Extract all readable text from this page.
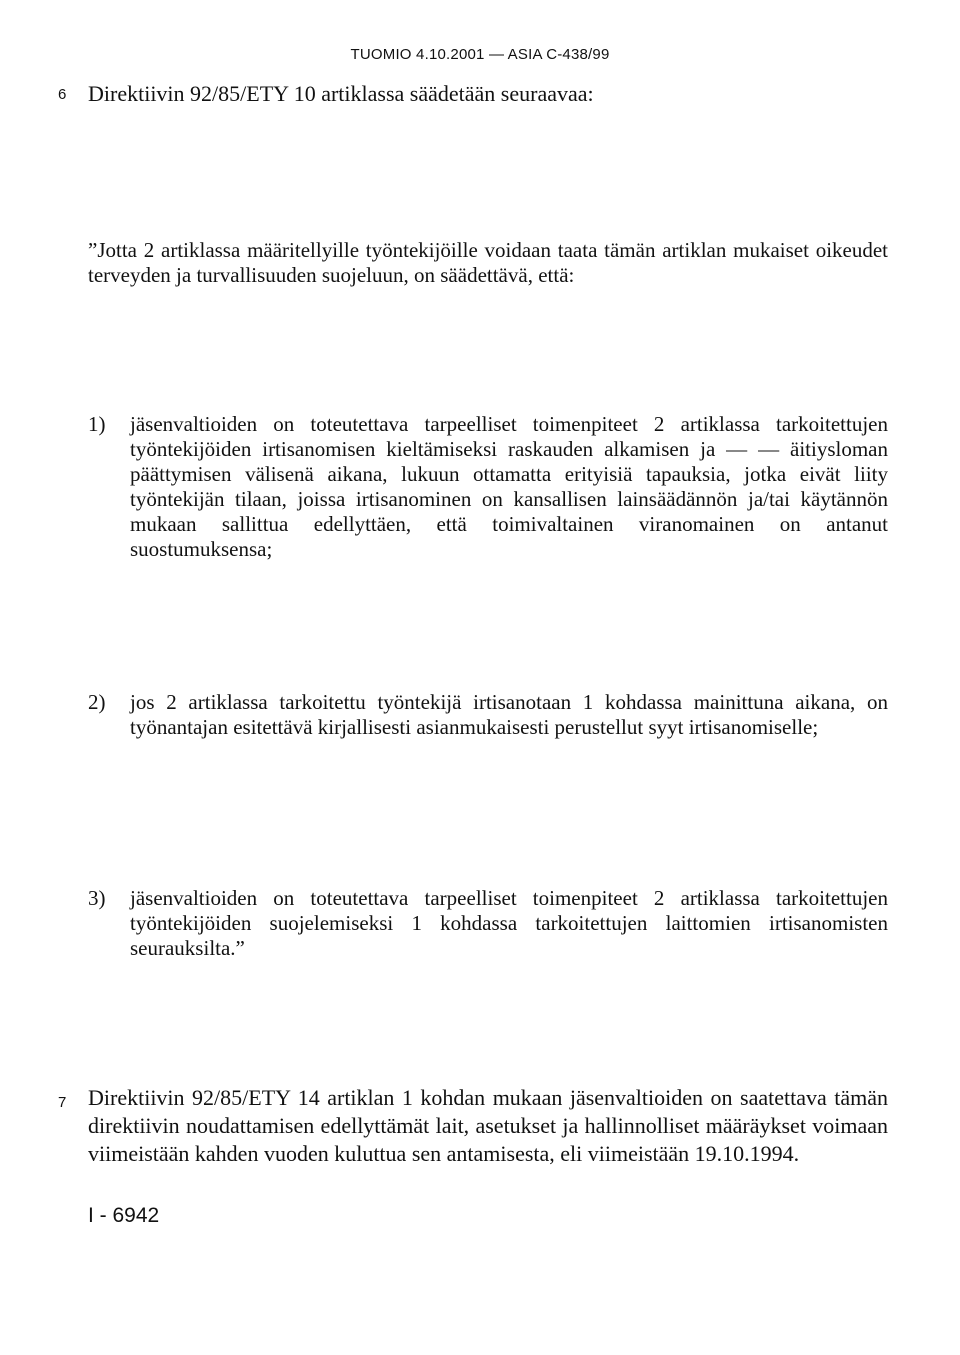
TUOMIO 4.10.2001 — ASIA C-438/99
6 Direktiivin 92/85/ETY 10 artiklassa säädetään seuraavaa:
”Jotta 2 artiklassa määritellyille työntekijöille voidaan taata tämän artiklan mukaiset oikeudet terveyden ja turvallisuuden suojeluun, on säädettävä, että:
1) jäsenvaltioiden on toteutettava tarpeelliset toimenpiteet 2 artiklassa tarkoitettujen työntekijöiden irtisanomisen kieltämiseksi raskauden alkamisen ja — — äitiysloman päättymisen välisenä aikana, lukuun ottamatta erityisiä tapauksia, jotka eivät liity työntekijän tilaan, joissa irtisanominen on kansallisen lainsäädännön ja/tai käytännön mukaan sallittua edellyttäen, että toimivaltainen viranomainen on antanut suostumuksensa;
2) jos 2 artiklassa tarkoitettu työntekijä irtisanotaan 1 kohdassa mainittuna aikana, on työnantajan esitettävä kirjallisesti asianmukaisesti perustellut syyt irtisanomiselle;
3) jäsenvaltioiden on toteutettava tarpeelliset toimenpiteet 2 artiklassa tarkoitettujen työntekijöiden suojelemiseksi 1 kohdassa tarkoitettujen laittomien irtisanomisten seurauksilta.”
7 Direktiivin 92/85/ETY 14 artiklan 1 kohdan mukaan jäsenvaltioiden on saatettava tämän direktiivin noudattamisen edellyttämät lait, asetukset ja hallinnolliset määräykset voimaan viimeistään kahden vuoden kuluttua sen antamisesta, eli viimeistään 19.10.1994.
I - 6942
